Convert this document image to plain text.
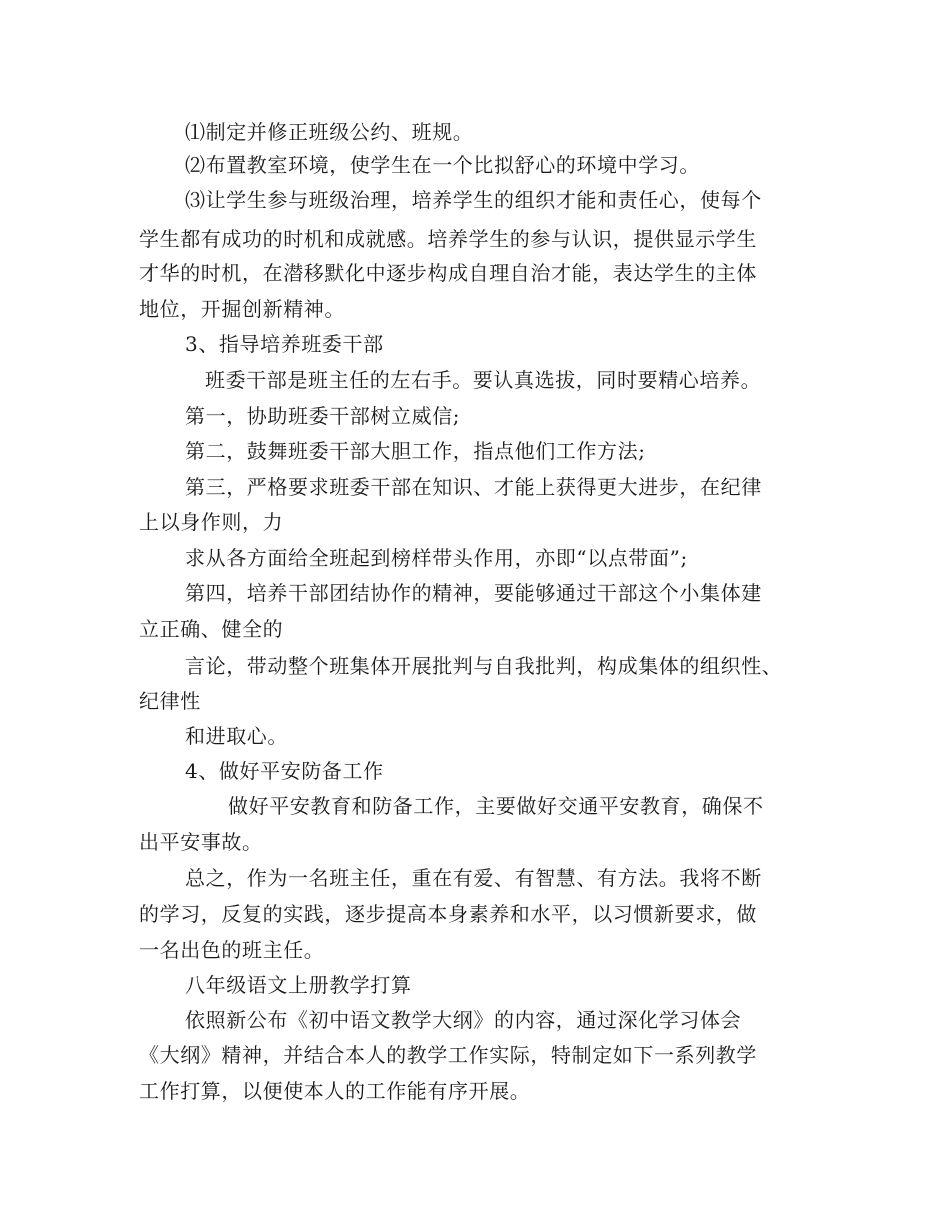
⑴制定并修正班级公约、班规。
⑵布置教室环境，使学生在一个比拟舒心的环境中学习。
⑶让学生参与班级治理，培养学生的组织才能和责任心，使每个
学生都有成功的时机和成就感。培养学生的参与认识，提供显示学生
才华的时机，在潜移默化中逐步构成自理自治才能，表达学生的主体
地位，开掘创新精神。
3、指导培养班委干部
班委干部是班主任的左右手。要认真选拔，同时要精心培养。
第一，协助班委干部树立威信;
第二，鼓舞班委干部大胆工作，指点他们工作方法;
第三，严格要求班委干部在知识、才能上获得更大进步，在纪律
上以身作则，力
求从各方面给全班起到榜样带头作用，亦即“以点带面”;
第四，培养干部团结协作的精神，要能够通过干部这个小集体建
立正确、健全的
言论，带动整个班集体开展批判与自我批判，构成集体的组织性、
纪律性
和进取心。
4、做好平安防备工作
做好平安教育和防备工作，主要做好交通平安教育，确保不
出平安事故。
总之，作为一名班主任，重在有爱、有智慧、有方法。我将不断
的学习，反复的实践，逐步提高本身素养和水平，以习惯新要求，做
一名出色的班主任。
八年级语文上册教学打算
依照新公布《初中语文教学大纲》的内容，通过深化学习体会
《大纲》精神，并结合本人的教学工作实际，特制定如下一系列教学
工作打算，以便使本人的工作能有序开展。
